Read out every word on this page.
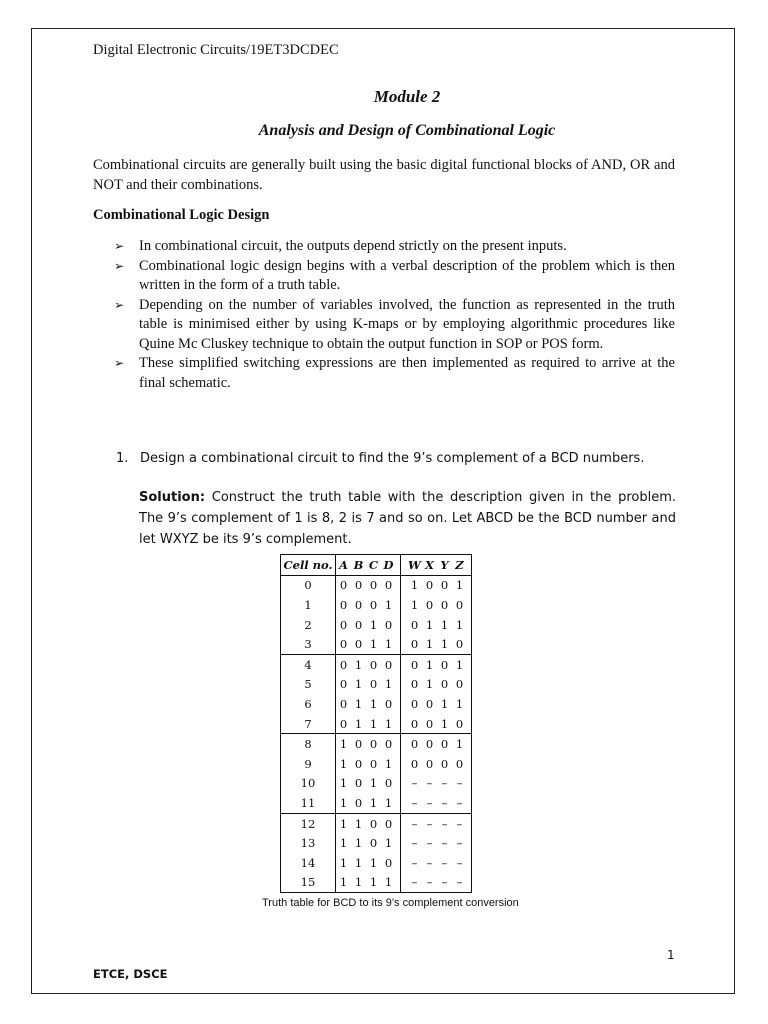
Digital Electronic Circuits/19ET3DCDEC
Module 2
Analysis and Design of Combinational Logic
Combinational circuits are generally built using the basic digital functional blocks of AND, OR and NOT and their combinations.
Combinational Logic Design
➢ In combinational circuit, the outputs depend strictly on the present inputs.
➢ Combinational logic design begins with a verbal description of the problem which is then written in the form of a truth table.
➢ Depending on the number of variables involved, the function as represented in the truth table is minimised either by using K-maps or by employing algorithmic procedures like Quine Mc Cluskey technique to obtain the output function in SOP or POS form.
➢ These simplified switching expressions are then implemented as required to arrive at the final schematic.
1. Design a combinational circuit to find the 9’s complement of a BCD numbers.
Solution: Construct the truth table with the description given in the problem. The 9’s complement of 1 is 8, 2 is 7 and so on. Let ABCD be the BCD number and let WXYZ be its 9’s complement.
Cell no.	A	B	C	D	W	X	Y	Z
0	0	0	0	0	1	0	0	1
1	0	0	0	1	1	0	0	0
2	0	0	1	0	0	1	1	1
3	0	0	1	1	0	1	1	0
4	0	1	0	0	0	1	0	1
5	0	1	0	1	0	1	0	0
6	0	1	1	0	0	0	1	1
7	0	1	1	1	0	0	1	0
8	1	0	0	0	0	0	0	1
9	1	0	0	1	0	0	0	0
10	1	0	1	0	–	–	–	–
11	1	0	1	1	–	–	–	–
12	1	1	0	0	–	–	–	–
13	1	1	0	1	–	–	–	–
14	1	1	1	0	–	–	–	–
15	1	1	1	1	–	–	–	–
Truth table for BCD to its 9’s complement conversion
1
ETCE, DSCE
